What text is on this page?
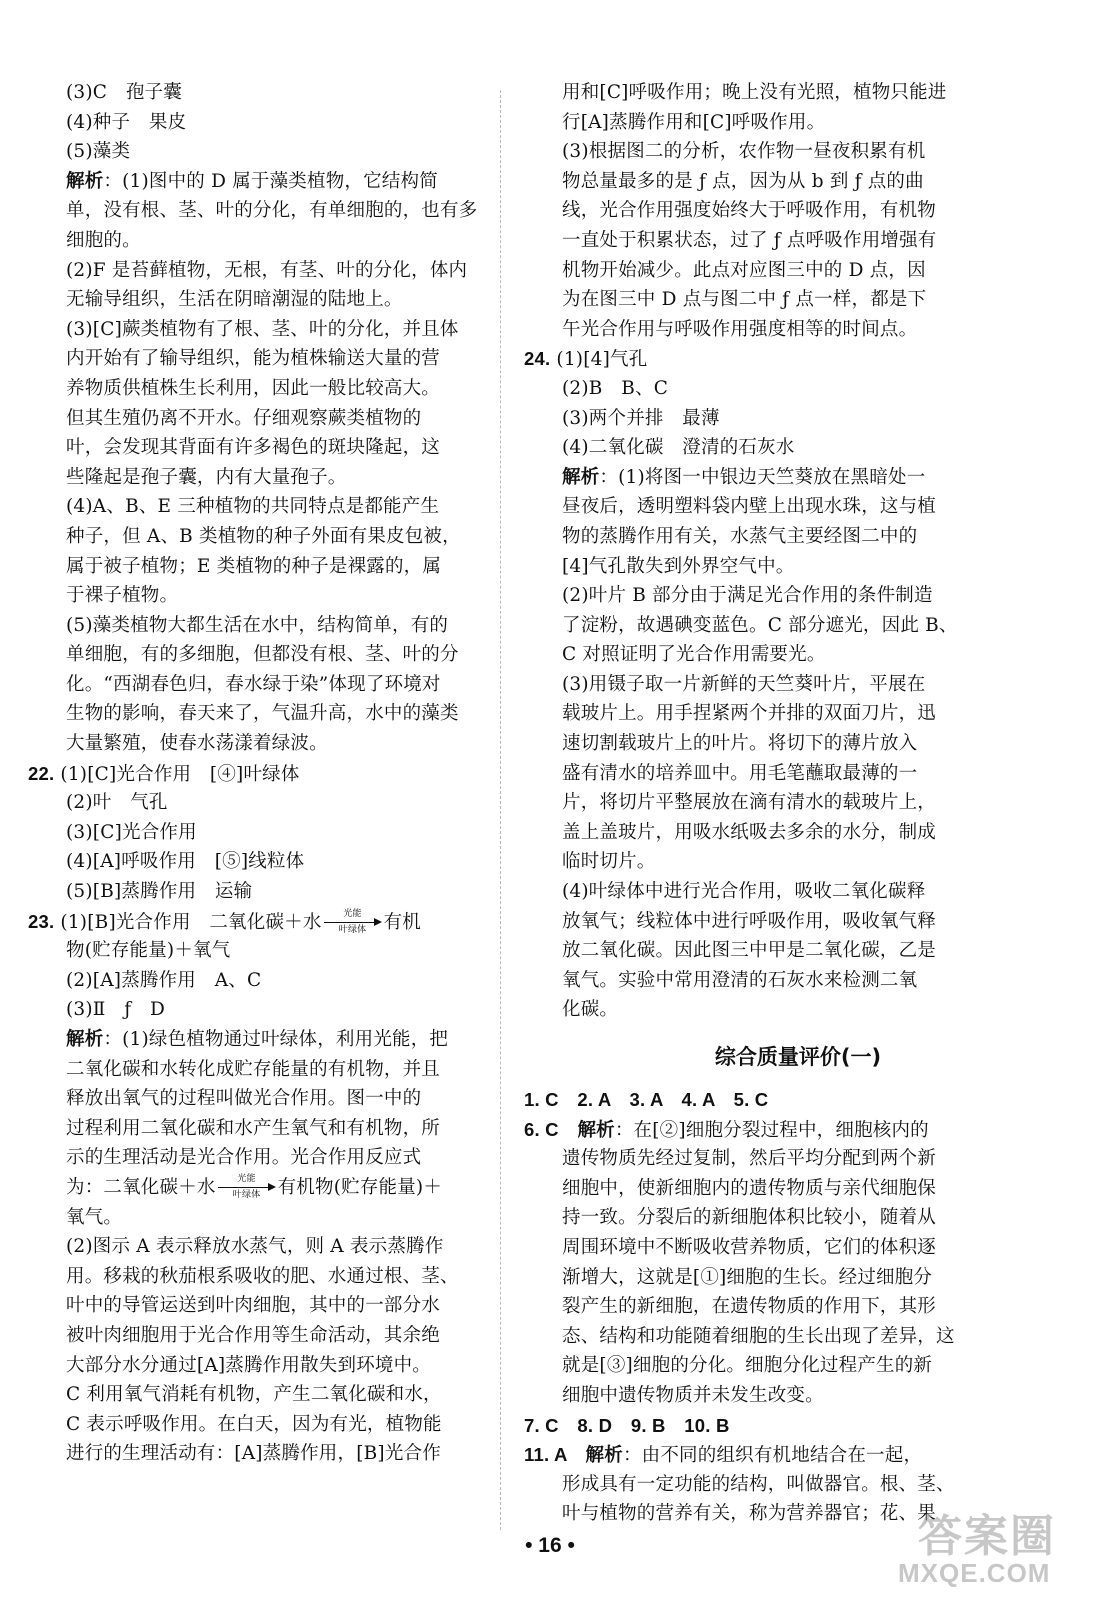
(3)C　孢子囊
(4)种子　果皮
(5)藻类
解析：(1)图中的 D 属于藻类植物，它结构简
单，没有根、茎、叶的分化，有单细胞的，也有多
细胞的。
(2)F 是苔藓植物，无根，有茎、叶的分化，体内
无输导组织，生活在阴暗潮湿的陆地上。
(3)[C]蕨类植物有了根、茎、叶的分化，并且体
内开始有了输导组织，能为植株输送大量的营
养物质供植株生长利用，因此一般比较高大。
但其生殖仍离不开水。仔细观察蕨类植物的
叶，会发现其背面有许多褐色的斑块隆起，这
些隆起是孢子囊，内有大量孢子。
(4)A、B、E 三种植物的共同特点是都能产生
种子，但 A、B 类植物的种子外面有果皮包被，
属于被子植物；E 类植物的种子是裸露的，属
于裸子植物。
(5)藻类植物大都生活在水中，结构简单，有的
单细胞，有的多细胞，但都没有根、茎、叶的分
化。“西湖春色归，春水绿于染”体现了环境对
生物的影响，春天来了，气温升高，水中的藻类
大量繁殖，使春水荡漾着绿波。
22. (1)[C]光合作用　[④]叶绿体
(2)叶　气孔
(3)[C]光合作用
(4)[A]呼吸作用　[⑤]线粒体
(5)[B]蒸腾作用　运输
23. (1)[B]光合作用　二氧化碳＋水	光能
叶绿体 有机
物(贮存能量)＋氧气
(2)[A]蒸腾作用　A、C
(3)Ⅱ　ƒ　D
解析：(1)绿色植物通过叶绿体，利用光能，把
二氧化碳和水转化成贮存能量的有机物，并且
释放出氧气的过程叫做光合作用。图一中的
过程利用二氧化碳和水产生氧气和有机物，所
示的生理活动是光合作用。光合作用反应式
为：二氧化碳＋水	光能
叶绿体 有机物(贮存能量)＋
氧气。
(2)图示 A 表示释放水蒸气，则 A 表示蒸腾作
用。移栽的秋茄根系吸收的肥、水通过根、茎、
叶中的导管运送到叶肉细胞，其中的一部分水
被叶肉细胞用于光合作用等生命活动，其余绝
大部分水分通过[A]蒸腾作用散失到环境中。
C 利用氧气消耗有机物，产生二氧化碳和水，
C 表示呼吸作用。在白天，因为有光，植物能
进行的生理活动有：[A]蒸腾作用，[B]光合作
用和[C]呼吸作用；晚上没有光照，植物只能进
行[A]蒸腾作用和[C]呼吸作用。
(3)根据图二的分析，农作物一昼夜积累有机
物总量最多的是 ƒ 点，因为从 b 到 ƒ 点的曲
线，光合作用强度始终大于呼吸作用，有机物
一直处于积累状态，过了 ƒ 点呼吸作用增强有
机物开始减少。此点对应图三中的 D 点，因
为在图三中 D 点与图二中 ƒ 点一样，都是下
午光合作用与呼吸作用强度相等的时间点。
24. (1)[4]气孔
(2)B　B、C
(3)两个并排　最薄
(4)二氧化碳　澄清的石灰水
解析：(1)将图一中银边天竺葵放在黑暗处一
昼夜后，透明塑料袋内壁上出现水珠，这与植
物的蒸腾作用有关，水蒸气主要经图二中的
[4]气孔散失到外界空气中。
(2)叶片 B 部分由于满足光合作用的条件制造
了淀粉，故遇碘变蓝色。C 部分遮光，因此 B、
C 对照证明了光合作用需要光。
(3)用镊子取一片新鲜的天竺葵叶片，平展在
载玻片上。用手捏紧两个并排的双面刀片，迅
速切割载玻片上的叶片。将切下的薄片放入
盛有清水的培养皿中。用毛笔蘸取最薄的一
片，将切片平整展放在滴有清水的载玻片上，
盖上盖玻片，用吸水纸吸去多余的水分，制成
临时切片。
(4)叶绿体中进行光合作用，吸收二氧化碳释
放氧气；线粒体中进行呼吸作用，吸收氧气释
放二氧化碳。因此图三中甲是二氧化碳，乙是
氧气。实验中常用澄清的石灰水来检测二氧
化碳。
综合质量评价(一)
1. C　2. A　3. A　4. A　5. C
6. C　解析：在[②]细胞分裂过程中，细胞核内的
遗传物质先经过复制，然后平均分配到两个新
细胞中，使新细胞内的遗传物质与亲代细胞保
持一致。分裂后的新细胞体积比较小，随着从
周围环境中不断吸收营养物质，它们的体积逐
渐增大，这就是[①]细胞的生长。经过细胞分
裂产生的新细胞，在遗传物质的作用下，其形
态、结构和功能随着细胞的生长出现了差异，这
就是[③]细胞的分化。细胞分化过程产生的新
细胞中遗传物质并未发生改变。
7. C　8. D　9. B　10. B
11. A　解析：由不同的组织有机地结合在一起，
形成具有一定功能的结构，叫做器官。根、茎、
叶与植物的营养有关，称为营养器官；花、果
• 16 •	答案圈
MXQE.COM
